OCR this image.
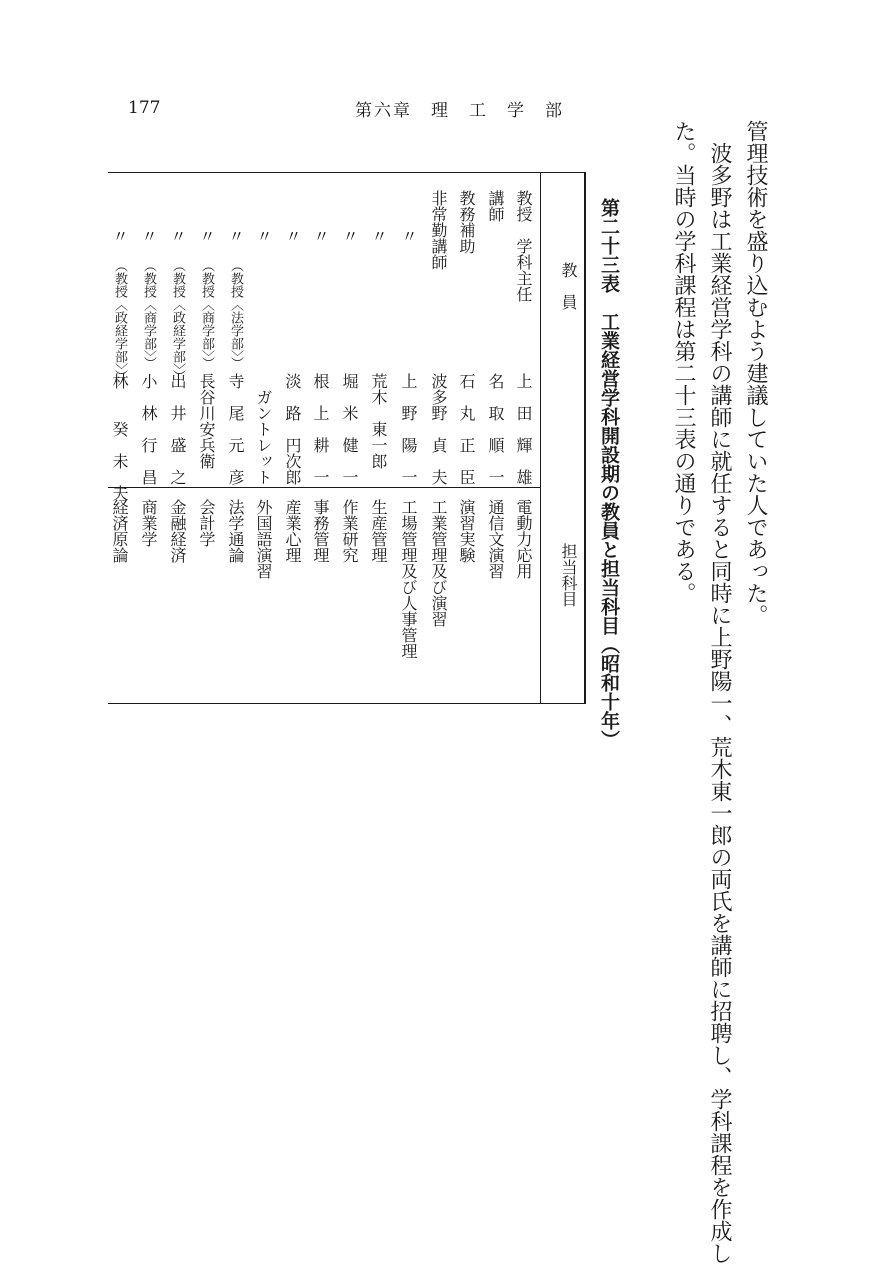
177	第六章　理　工　学　部
管理技術を盛り込むよう建議していた人であった。
　波多野は工業経営学科の講師に就任すると同時に上野陽一、荒木東一郎の両氏を講師に招聘し、学科課程を作成し
た。当時の学科課程は第二十三表の通りである。
第二十三表　工業経営学科開設期の教員と担当科目（昭和十年）
教　員
担当科目
教授　学科主任
上　田　輝　雄
電動力応用
講師
名　取　順　一
通信文演習
教務補助
石　丸　正　臣
演習実験
非常勤講師
波多野　貞　夫
工業管理及び演習
〃
上　野　陽　一
工場管理及び人事管理
〃
荒木　東一郎
生産管理
〃
堀　米　健　一
作業研究
〃
根　上　耕　一
事務管理
〃
淡　路　円次郎
産業心理
〃
ガントレット
外国語演習
〃
（教授〈法学部〉）
寺　尾　元　彦
法学通論
〃
（教授〈商学部〉）
長谷川安兵衛
会計学
〃
（教授〈政経学部〉）
出　井　盛　之
金融経済
〃
（教授〈商学部〉）
小　林　行　昌
商業学
〃
（教授〈政経学部〉）
林　　癸　未　夫
経済原論
